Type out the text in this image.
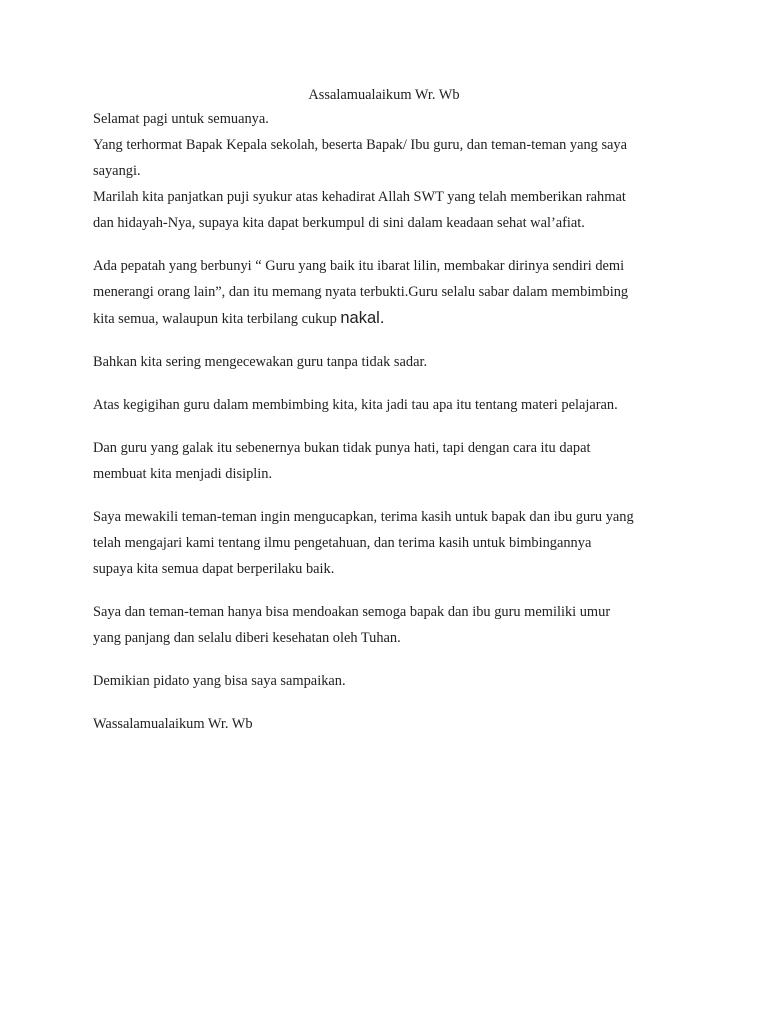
Assalamualaikum Wr. Wb
Selamat pagi untuk semuanya.
Yang terhormat Bapak Kepala sekolah, beserta Bapak/ Ibu guru, dan teman-teman yang saya
sayangi.
Marilah kita panjatkan puji syukur atas kehadirat Allah SWT yang telah memberikan rahmat
dan hidayah-Nya, supaya kita dapat berkumpul di sini dalam keadaan sehat wal’afiat.
Ada pepatah yang berbunyi “ Guru yang baik itu ibarat lilin, membakar dirinya sendiri demi
menerangi orang lain”, dan itu memang nyata terbukti.Guru selalu sabar dalam membimbing
kita semua, walaupun kita terbilang cukup nakal.
Bahkan kita sering mengecewakan guru tanpa tidak sadar.
Atas kegigihan guru dalam membimbing kita, kita jadi tau apa itu tentang materi pelajaran.
Dan guru yang galak itu sebenernya bukan tidak punya hati, tapi dengan cara itu dapat
membuat kita menjadi disiplin.
Saya mewakili teman-teman ingin mengucapkan, terima kasih untuk bapak dan ibu guru yang
telah mengajari kami tentang ilmu pengetahuan, dan terima kasih untuk bimbingannya
supaya kita semua dapat berperilaku baik.
Saya dan teman-teman hanya bisa mendoakan semoga bapak dan ibu guru memiliki umur
yang panjang dan selalu diberi kesehatan oleh Tuhan.
Demikian pidato yang bisa saya sampaikan.
Wassalamualaikum Wr. Wb
